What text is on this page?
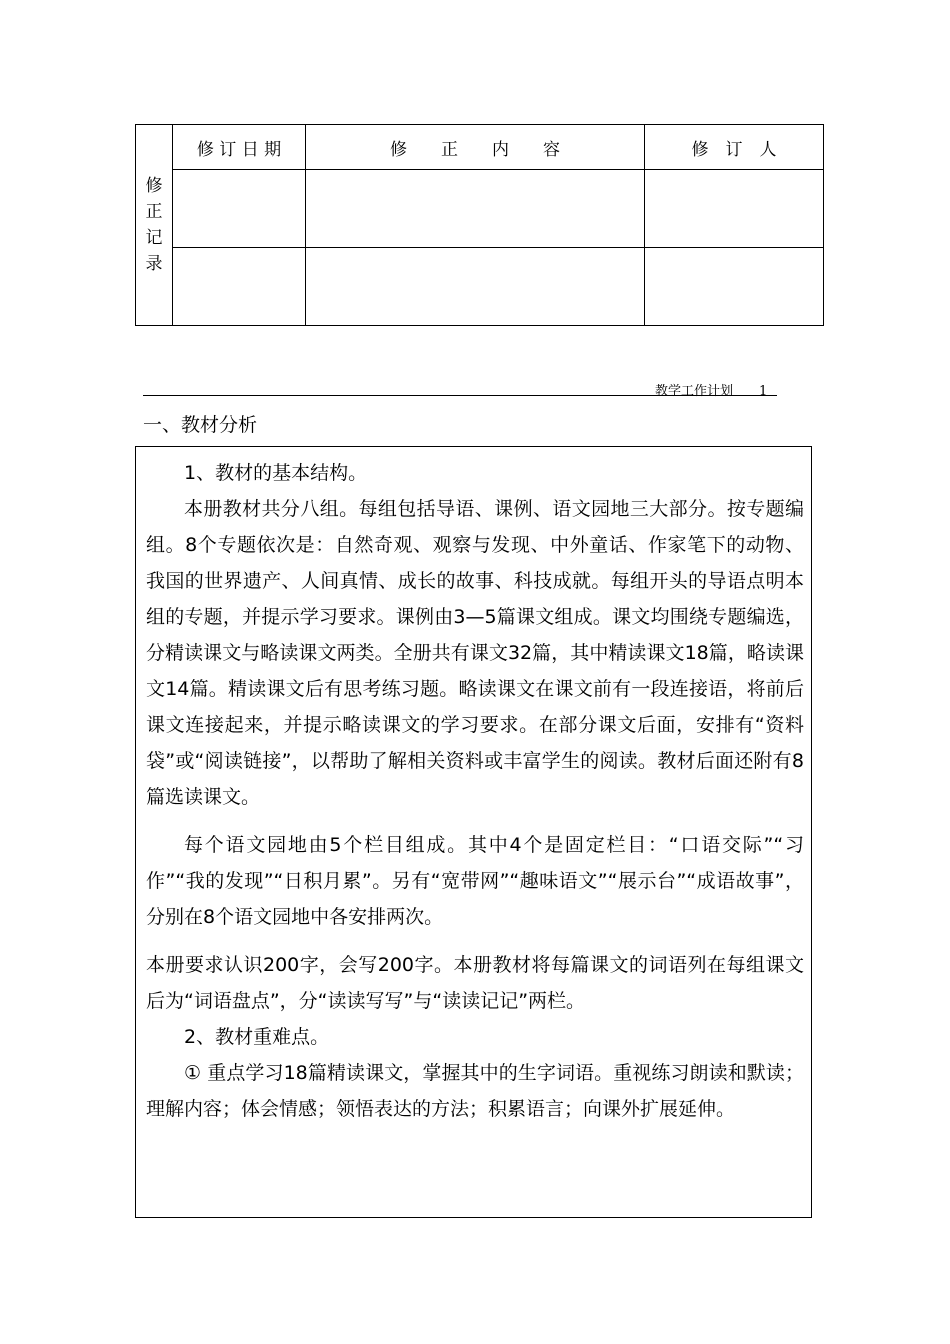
修
正
记
录	修 订 日 期	修　　正　　内　　容	修　订　人

教学工作计划 1
一、教材分析

1、教材的基本结构。

本册教材共分八组。每组包括导语、课例、语文园地三大部分。按专题编组。8个专题依次是：自然奇观、观察与发现、中外童话、作家笔下的动物、我国的世界遗产、人间真情、成长的故事、科技成就。每组开头的导语点明本组的专题，并提示学习要求。课例由3—5篇课文组成。课文均围绕专题编选，分精读课文与略读课文两类。全册共有课文32篇，其中精读课文18篇，略读课文14篇。精读课文后有思考练习题。略读课文在课文前有一段连接语，将前后课文连接起来，并提示略读课文的学习要求。在部分课文后面，安排有“资料袋”或“阅读链接”，以帮助了解相关资料或丰富学生的阅读。教材后面还附有8篇选读课文。

每个语文园地由5个栏目组成。其中4个是固定栏目：“口语交际”“习作”“我的发现”“日积月累”。另有“宽带网”“趣味语文”“展示台”“成语故事”，分别在8个语文园地中各安排两次。

本册要求认识200字，会写200字。本册教材将每篇课文的词语列在每组课文后为“词语盘点”，分“读读写写”与“读读记记”两栏。

2、教材重难点。

① 重点学习18篇精读课文，掌握其中的生字词语。重视练习朗读和默读；理解内容；体会情感；领悟表达的方法；积累语言；向课外扩展延伸。
